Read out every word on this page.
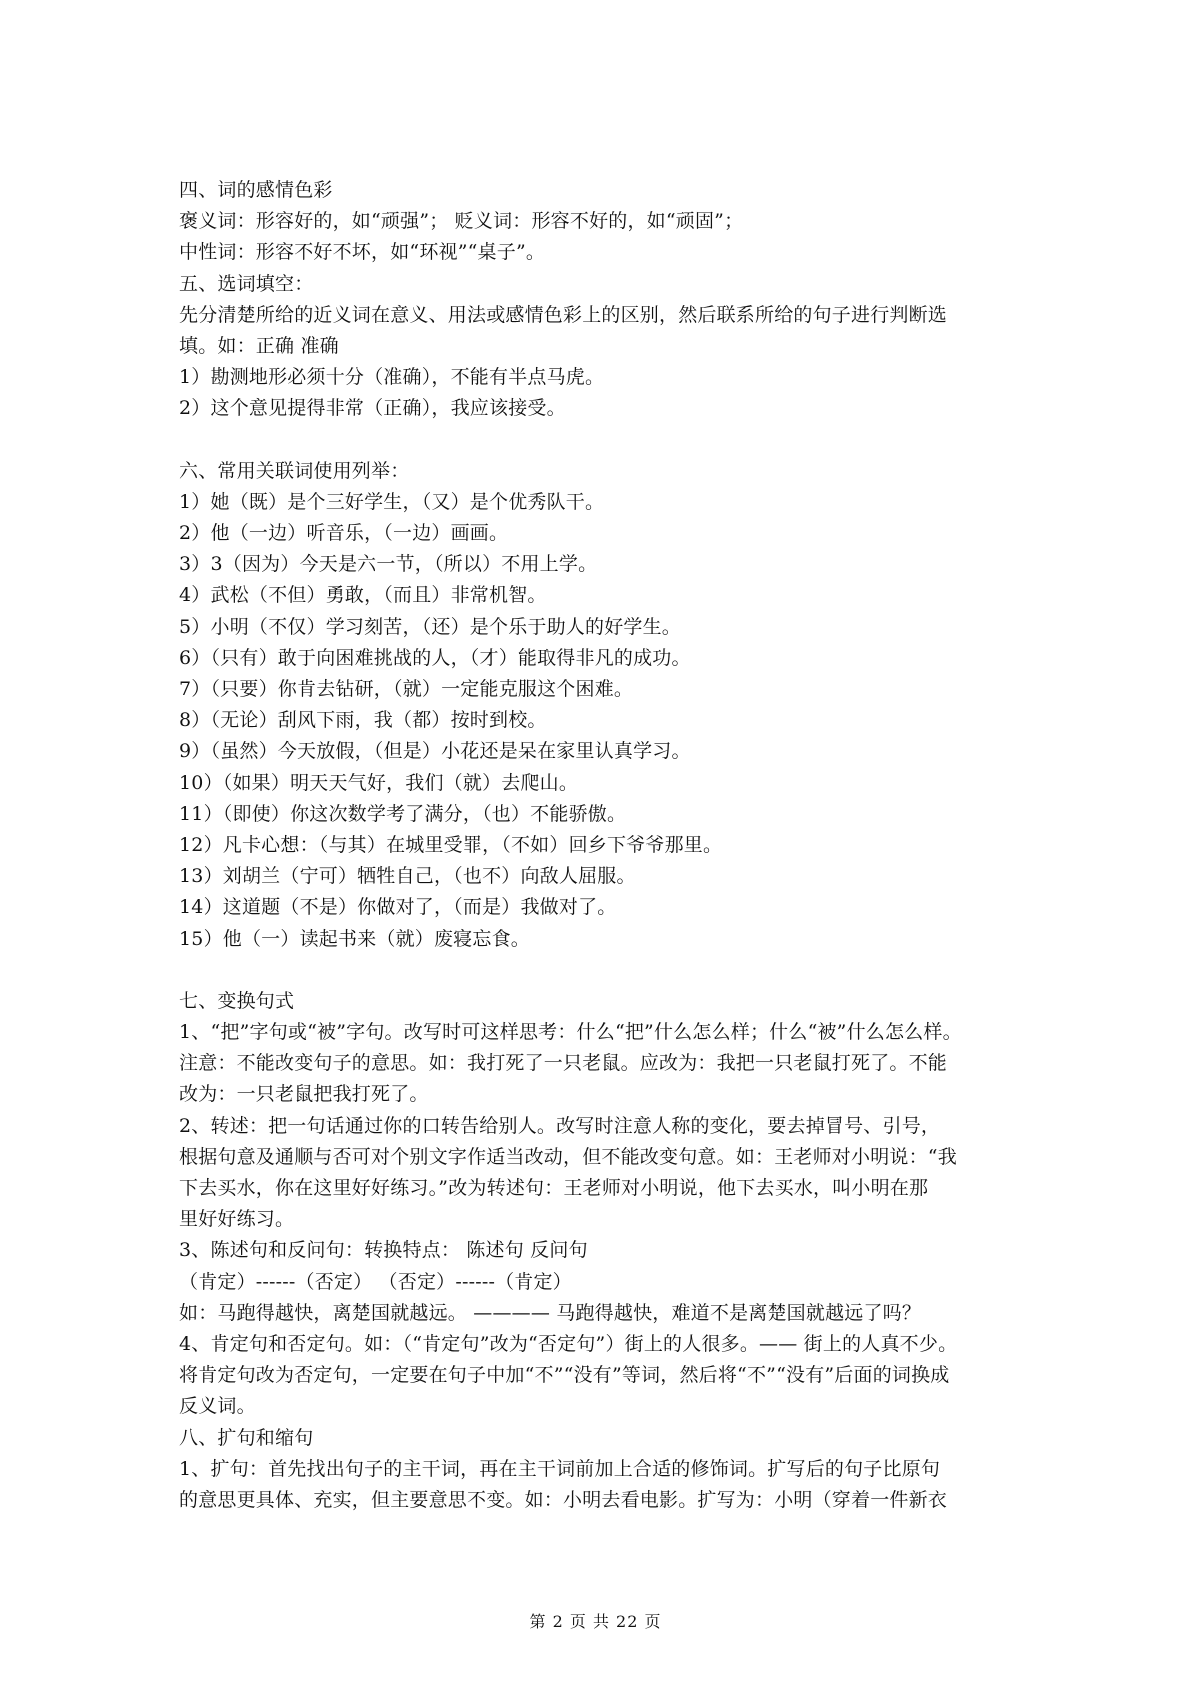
四、词的感情色彩
褒义词：形容好的，如“顽强”； 贬义词：形容不好的，如“顽固”；
中性词：形容不好不坏，如“环视”“桌子”。
五、选词填空：
先分清楚所给的近义词在意义、用法或感情色彩上的区别，然后联系所给的句子进行判断选
填。如：正确 准确
1）勘测地形必须十分（准确），不能有半点马虎。
2）这个意见提得非常（正确），我应该接受。
六、常用关联词使用列举：
1）她（既）是个三好学生，（又）是个优秀队干。
2）他（一边）听音乐，（一边）画画。
3）3（因为）今天是六一节，（所以）不用上学。
4）武松（不但）勇敢，（而且）非常机智。
5）小明（不仅）学习刻苦，（还）是个乐于助人的好学生。
6）（只有）敢于向困难挑战的人，（才）能取得非凡的成功。
7）（只要）你肯去钻研，（就）一定能克服这个困难。
8）（无论）刮风下雨，我（都）按时到校。
9）（虽然）今天放假，（但是）小花还是呆在家里认真学习。
10）（如果）明天天气好，我们（就）去爬山。
11）（即使）你这次数学考了满分，（也）不能骄傲。
12）凡卡心想：（与其）在城里受罪，（不如）回乡下爷爷那里。
13）刘胡兰（宁可）牺牲自己，（也不）向敌人屈服。
14）这道题（不是）你做对了，（而是）我做对了。
15）他（一）读起书来（就）废寝忘食。
七、变换句式
1、“把”字句或“被”字句。改写时可这样思考：什么“把”什么怎么样；什么“被”什么怎么样。
注意：不能改变句子的意思。如：我打死了一只老鼠。应改为：我把一只老鼠打死了。不能
改为：一只老鼠把我打死了。
2、转述：把一句话通过你的口转告给别人。改写时注意人称的变化，要去掉冒号、引号，
根据句意及通顺与否可对个别文字作适当改动，但不能改变句意。如：王老师对小明说：“我
下去买水，你在这里好好练习。”改为转述句：王老师对小明说，他下去买水，叫小明在那
里好好练习。
3、陈述句和反问句：转换特点： 陈述句 反问句
（肯定）------（否定） （否定）------（肯定）
如：马跑得越快，离楚国就越远。 ———— 马跑得越快，难道不是离楚国就越远了吗？
4、肯定句和否定句。如：（“肯定句”改为“否定句”）街上的人很多。—— 街上的人真不少。
将肯定句改为否定句，一定要在句子中加“不”“没有”等词，然后将“不”“没有”后面的词换成
反义词。
八、扩句和缩句
1、扩句：首先找出句子的主干词，再在主干词前加上合适的修饰词。扩写后的句子比原句
的意思更具体、充实，但主要意思不变。如：小明去看电影。扩写为：小明（穿着一件新衣
第 2 页 共 22 页
